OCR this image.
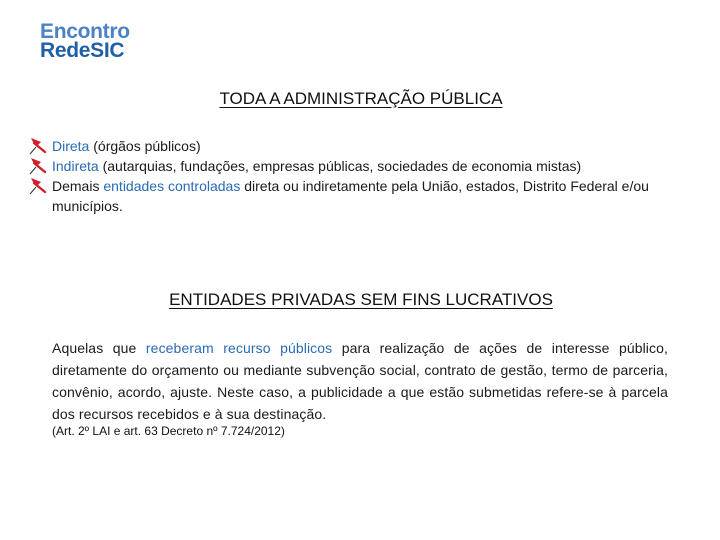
Encontro
RedeSIC
TODA A ADMINISTRAÇÃO PÚBLICA
Direta (órgãos públicos)
Indireta (autarquias, fundações, empresas públicas, sociedades de economia mistas)
Demais entidades controladas direta ou indiretamente pela União, estados, Distrito Federal e/ou municípios.
ENTIDADES PRIVADAS SEM FINS LUCRATIVOS
Aquelas que receberam recurso públicos para realização de ações de interesse público, diretamente do orçamento ou mediante subvenção social, contrato de gestão, termo de parceria, convênio, acordo, ajuste. Neste caso, a publicidade a que estão submetidas refere-se à parcela dos recursos recebidos e à sua destinação.
(Art. 2º LAI e art. 63 Decreto nº 7.724/2012)
